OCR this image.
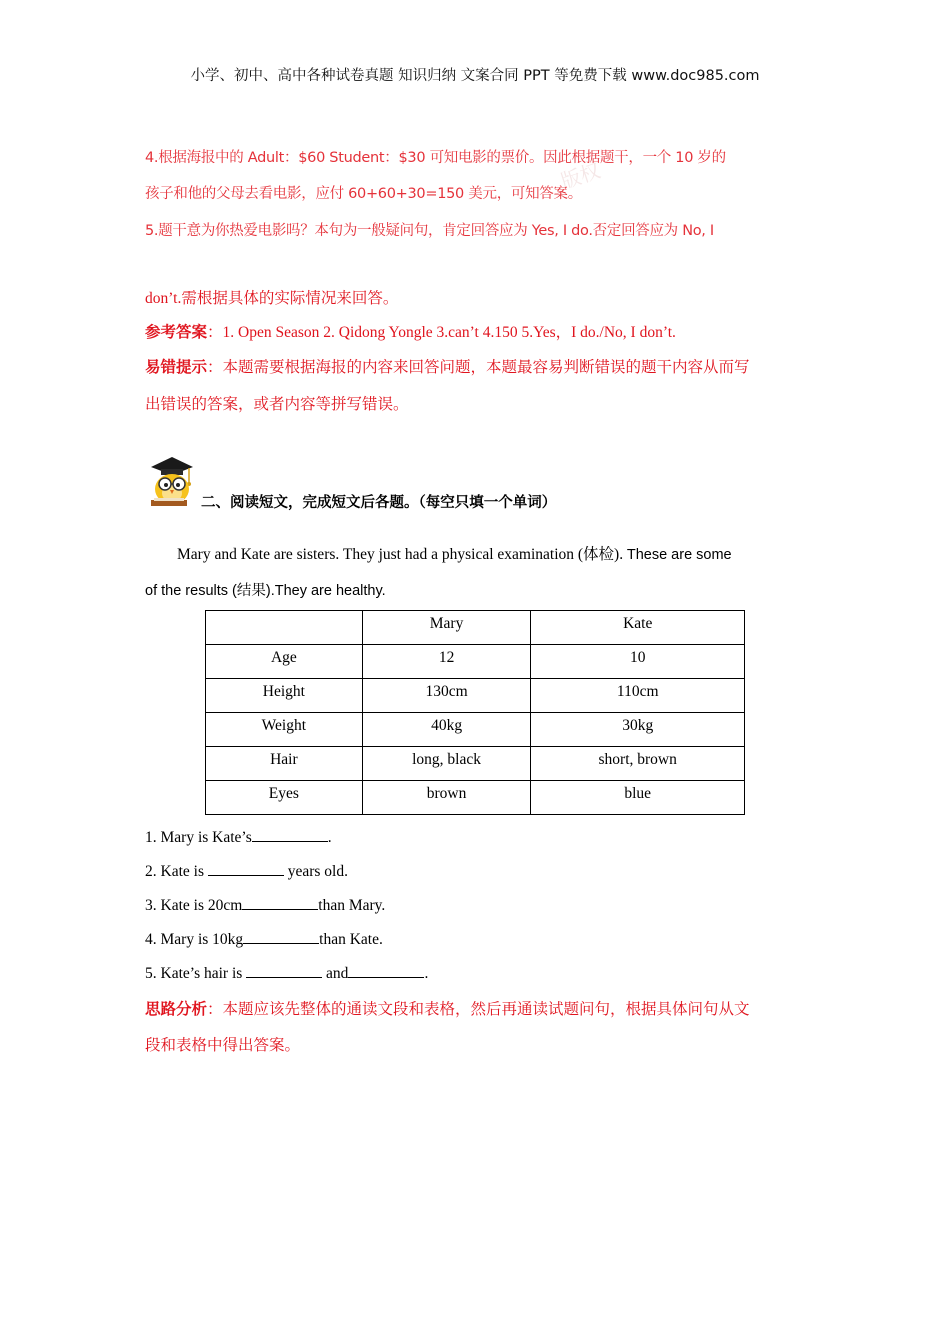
小学、初中、高中各种试卷真题 知识归纳 文案合同 PPT 等免费下载 www.doc985.com
版权
4.根据海报中的 Adult：$60 Student：$30 可知电影的票价。因此根据题干，一个 10 岁的
孩子和他的父母去看电影，应付 60+60+30=150 美元，可知答案。
5.题干意为你热爱电影吗？本句为一般疑问句，肯定回答应为 Yes, I do.否定回答应为 No, I
don’t.需根据具体的实际情况来回答。
参考答案：1. Open Season 2. Qidong Yongle 3.can’t 4.150 5.Yes，I do./No, I don’t.
易错提示：本题需要根据海报的内容来回答问题，本题最容易判断错误的题干内容从而写
出错误的答案，或者内容等拼写错误。
二、阅读短文，完成短文后各题。（每空只填一个单词）
Mary and Kate are sisters. They just had a physical examination (体检). These are some
of the results (结果).They are healthy.
	Mary	Kate
Age	12	10
Height	130cm	110cm
Weight	40kg	30kg
Hair	long, black	short, brown
Eyes	brown	blue
1. Mary is Kate’s	.
2. Kate is	years old.
3. Kate is 20cm	than Mary.
4. Mary is 10kg	than Kate.
5. Kate’s hair is	and	.
思路分析：本题应该先整体的通读文段和表格，然后再通读试题问句，根据具体问句从文
段和表格中得出答案。
